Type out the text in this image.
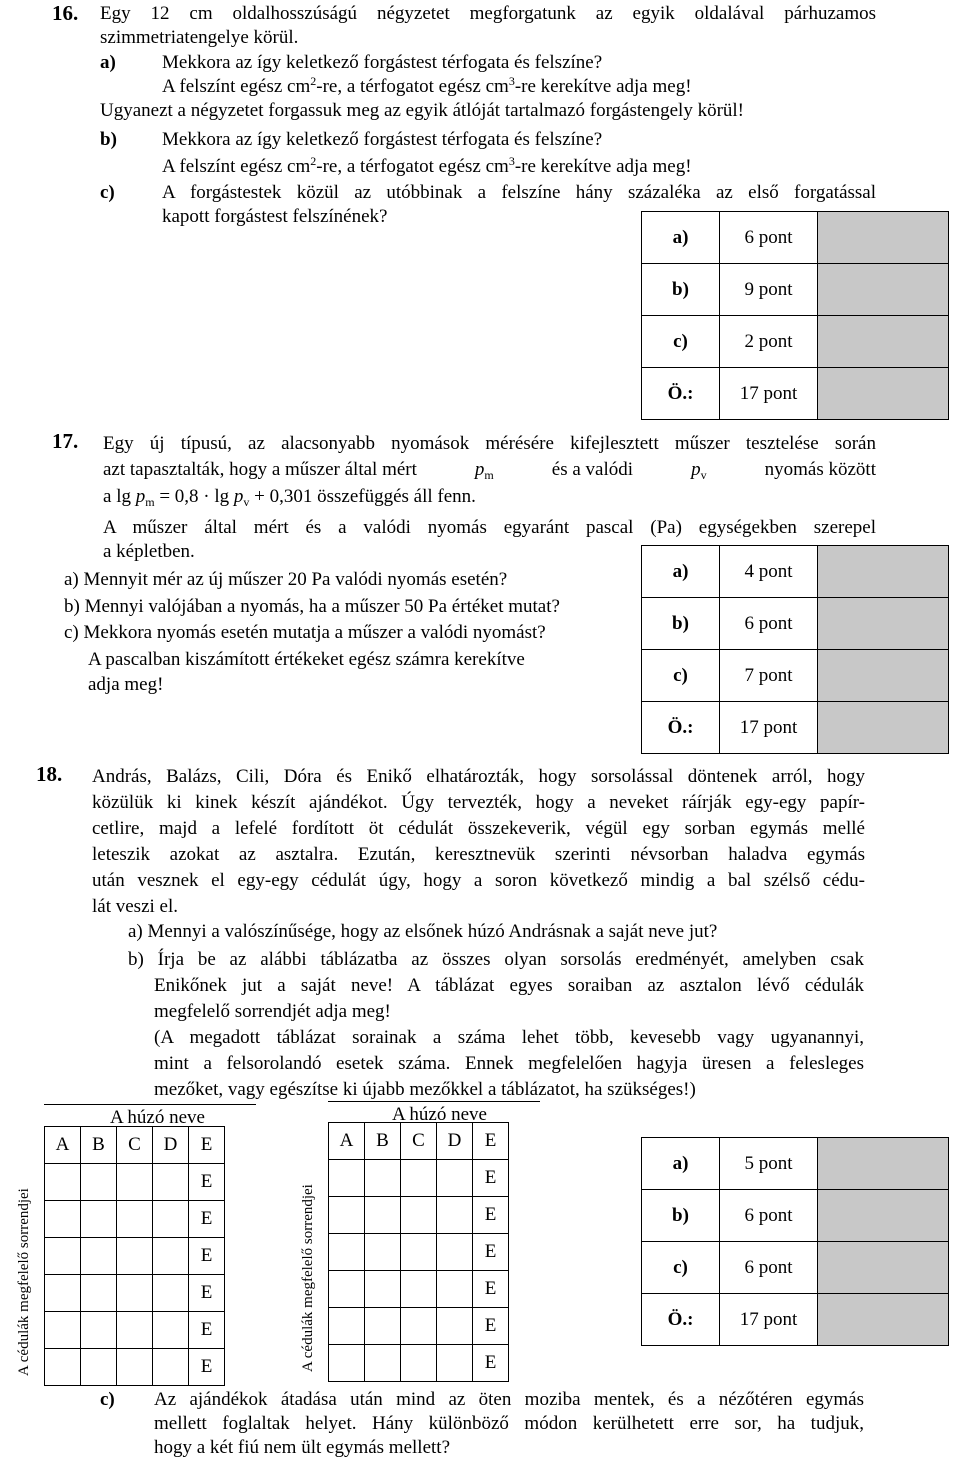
16. Egy 12 cm oldalhosszúságú négyzetet megforgatunk az egyik oldalával párhuzamos
szimmetriatengelye körül.
a) Mekkora az így keletkező forgástest térfogata és felszíne?
A felszínt egész $cm^2-re$, a térfogatot egész $cm^3-re$ kerekítve adja meg!
Ugyanezt a négyzetet forgassuk meg az egyik átlóját tartalmazó forgástengely körül!
b) Mekkora az így keletkező forgástest térfogata és felszíne?
A felszínt egész $cm^2-re$, a térfogatot egész $cm^3-re$ kerekítve adja meg!
c) A forgástestek közül az utóbbinak a felszíne hány százaléka az első forgatással
kapott forgástest felszínének?
a)	6 pont	
b)	9 pont	
c)	2 pont	
Ö.:	17 pont	
17. Egy új típusú, az alacsonyabb nyomások mérésére kifejlesztett műszer tesztelése során
azt tapasztalták, hogy a műszer által mért	$p_m$	és a valódi	$p_v$	nyomás között
a $\lg p_m = 0,8 \cdot \lg p_v + 0,301$ összefüggés áll fenn.
A műszer által mért és a valódi nyomás egyaránt pascal (Pa) egységekben szerepel
a képletben.
a) Mennyit mér az új műszer 20 Pa valódi nyomás esetén?
b) Mennyi valójában a nyomás, ha a műszer 50 Pa értéket mutat?
c) Mekkora nyomás esetén mutatja a műszer a valódi nyomást?
A pascalban kiszámított értékeket egész számra kerekítve
adja meg!
a)	4 pont	
b)	6 pont	
c)	7 pont	
Ö.:	17 pont	
18. András, Balázs, Cili, Dóra és Enikő elhatározták, hogy sorsolással döntenek arról, hogy
közülük ki kinek készít ajándékot. Úgy tervezték, hogy a neveket ráírják egy-egy papír-
cetlire, majd a lefelé fordított öt cédulát összekeverik, végül egy sorban egymás mellé
leteszik azokat az asztalra. Ezután, keresztnevük szerinti névsorban haladva egymás
után vesznek el egy-egy cédulát úgy, hogy a soron következő mindig a bal szélső cédu-
lát veszi el.
a) Mennyi a valószínűsége, hogy az elsőnek húzó Andrásnak a saját neve jut?
b) Írja be az alábbi táblázatba az összes olyan sorsolás eredményét, amelyben csak
Enikőnek jut a saját neve! A táblázat egyes soraiban az asztalon lévő cédulák
megfelelő sorrendjét adja meg!
(A megadott táblázat sorainak a száma lehet több, kevesebb vagy ugyanannyi,
mint a felsorolandó esetek száma. Ennek megfelelően hagyja üresen a felesleges
mezőket, vagy egészítse ki újabb mezőkkel a táblázatot, ha szükséges!)
A húzó neve
A cédulák megfelelő sorrendjei
A	B	C	D	E
				E
				E
				E
				E
				E
				E
A húzó neve
A cédulák megfelelő sorrendjei
A	B	C	D	E
				E
				E
				E
				E
				E
				E
a)	5 pont	
b)	6 pont	
c)	6 pont	
Ö.:	17 pont	
c) Az ajándékok átadása után mind az öten moziba mentek, és a nézőtéren egymás
mellett foglaltak helyet. Hány különböző módon kerülhetett erre sor, ha tudjuk,
hogy a két fiú nem ült egymás mellett?
